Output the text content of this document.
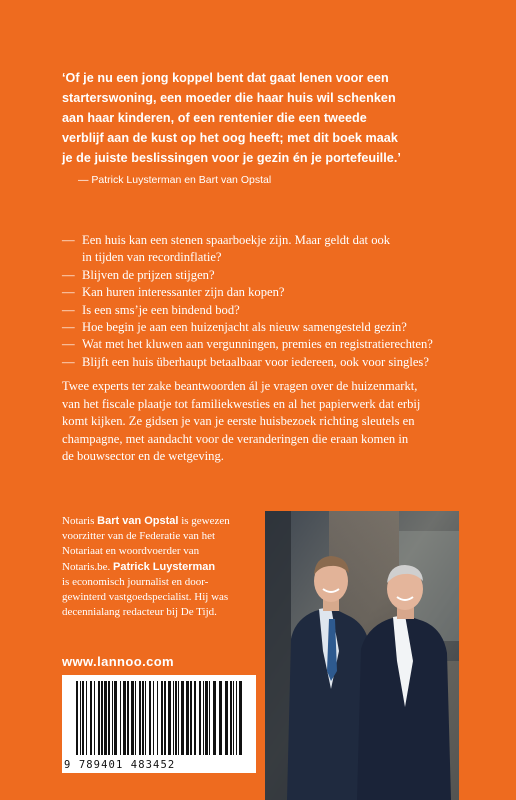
‘Of je nu een jong koppel bent dat gaat lenen voor een
starterswoning, een moeder die haar huis wil schenken
aan haar kinderen, of een rentenier die een tweede
verblijf aan de kust op het oog heeft; met dit boek maak
je de juiste beslissingen voor je gezin én je portefeuille.’
— Patrick Luysterman en Bart van Opstal
— Een huis kan een stenen spaarboekje zijn. Maar geldt dat ook
in tijden van recordinflatie?
— Blijven de prijzen stijgen?
— Kan huren interessanter zijn dan kopen?
— Is een sms’je een bindend bod?
— Hoe begin je aan een huizenjacht als nieuw samengesteld gezin?
— Wat met het kluwen aan vergunningen, premies en registratierechten?
— Blijft een huis überhaupt betaalbaar voor iedereen, ook voor singles?
Twee experts ter zake beantwoorden ál je vragen over de huizenmarkt,
van het fiscale plaatje tot familiekwesties en al het papierwerk dat erbij
komt kijken. Ze gidsen je van je eerste huisbezoek richting sleutels en
champagne, met aandacht voor de veranderingen die eraan komen in
de bouwsector en de wetgeving.
Notaris Bart van Opstal is gewezen
voorzitter van de Federatie van het
Notariaat en woordvoerder van
Notaris.be. Patrick Luysterman
is economisch journalist en door-
gewinterd vastgoedspecialist. Hij was
decennialang redacteur bij De Tijd.
www.lannoo.com
9 789401 483452
